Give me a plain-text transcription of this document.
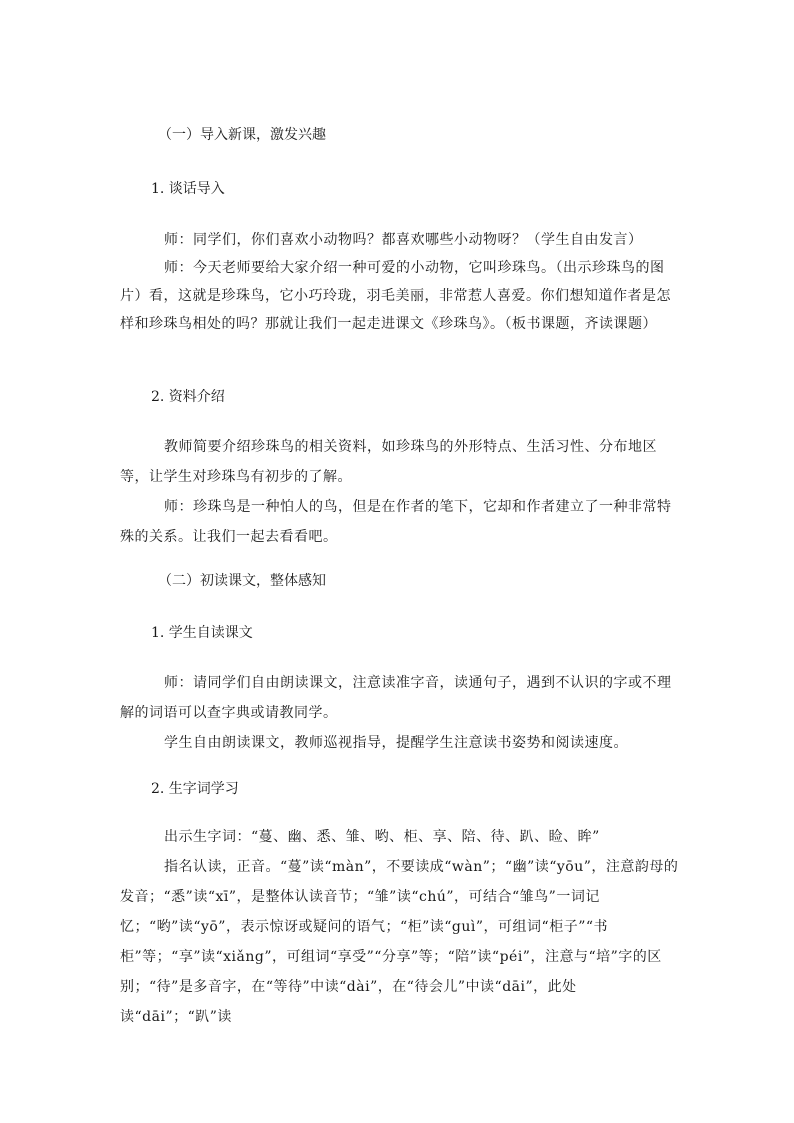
（一）导入新课，激发兴趣
1. 谈话导入

师：同学们，你们喜欢小动物吗？都喜欢哪些小动物呀？（学生自由发言）

师：今天老师要给大家介绍一种可爱的小动物，它叫珍珠鸟。（出示珍珠鸟的图片）看，这就是珍珠鸟，它小巧玲珑，羽毛美丽，非常惹人喜爱。你们想知道作者是怎样和珍珠鸟相处的吗？那就让我们一起走进课文《珍珠鸟》。（板书课题，齐读课题）

2. 资料介绍

教师简要介绍珍珠鸟的相关资料，如珍珠鸟的外形特点、生活习性、分布地区等，让学生对珍珠鸟有初步的了解。

师：珍珠鸟是一种怕人的鸟，但是在作者的笔下，它却和作者建立了一种非常特殊的关系。让我们一起去看看吧。

（二）初读课文，整体感知
1. 学生自读课文

师：请同学们自由朗读课文，注意读准字音，读通句子，遇到不认识的字或不理解的词语可以查字典或请教同学。

学生自由朗读课文，教师巡视指导，提醒学生注意读书姿势和阅读速度。

2. 生字词学习

出示生字词：“蔓、幽、悉、雏、哟、柜、享、陪、待、趴、睑、眸”

指名认读，正音。“蔓”读“màn”，不要读成“wàn”；“幽”读“yōu”，注意韵母的发音；“悉”读“xī”，是整体认读音节；“雏”读“chú”，可结合“雏鸟”一词记忆；“哟”读“yō”，表示惊讶或疑问的语气；“柜”读“guì”，可组词“柜子”“书柜”等；“享”读“xiǎng”，可组词“享受”“分享”等；“陪”读“péi”，注意与“培”字的区别；“待”是多音字，在“等待”中读“dài”，在“待会儿”中读“dāi”，此处读“dāi”；“趴”读
